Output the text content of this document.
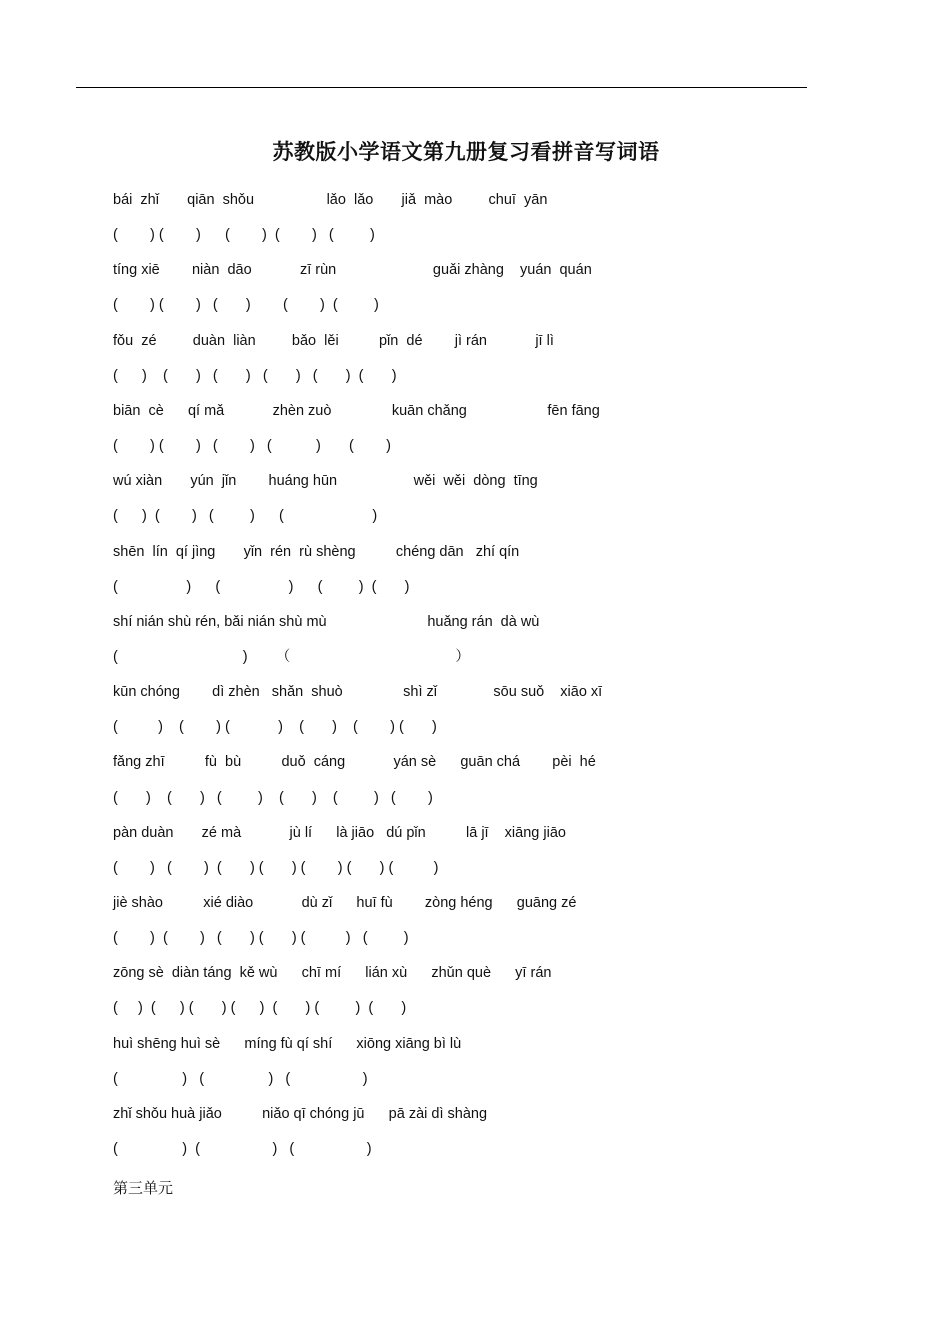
苏教版小学语文第九册复习看拼音写词语
bái  zhǐ       qiān  shǒu                  lǎo  lǎo       jiǎ  mào         chuī  yān
(        ) (        )      (        )  (        )   (         )
tíng xiē        niàn  dāo            zī rùn                        guǎi zhàng    yuán  quán
(        ) (        )   (       )        (        )  (         )
fǒu  zé         duàn  liàn         bǎo  lěi          pǐn  dé        jì rán            jī lì
(      )    (       )   (       )   (       )   (       )  (       )
biān  cè      qí mǎ            zhèn zuò               kuān chǎng                    fēn fāng
(        ) (        )   (        )   (           )       (        )
wú xiàn       yún  jǐn        huáng hūn                   wěi  wěi  dòng  tīng
(      )  (        )   (         )      (                      )
shēn  lín  qí jìng       yǐn  rén  rù shèng          chéng dān   zhí qín
(                 )      (                 )      (         )  (       )
shí nián shù rén, bǎi nián shù mù                         huǎng rán  dà wù
(                               )       （                                         ）
kūn chóng        dì zhèn   shǎn  shuò               shì zǐ              sōu suǒ    xiāo xī
(          )    (        ) (            )    (       )    (        ) (       )
fǎng zhī          fù  bù          duǒ  cáng            yán sè      guān chá        pèi  hé
(       )    (       )   (         )    (       )    (         )   (        )
pàn duàn       zé mà            jù lí      là jiāo   dú pǐn          lā jī    xiāng jiāo
(        )   (        )  (       ) (       ) (        ) (       ) (          )
jiè shào          xié diào            dù zǐ      huī fù        zòng héng      guāng zé
(        )  (        )   (       ) (       ) (          )   (         )
zōng sè  diàn táng  kě wù      chī mí      lián xù      zhǔn què      yī rán
(     )  (      ) (       ) (      )  (       ) (         )  (       )
huì shēng huì sè      míng fù qí shí      xiōng xiāng bì lù
(                )   (                )   (                  )
zhǐ shǒu huà jiǎo          niǎo qī chóng jū      pā zài dì shàng
(                )  (                  )   (                  )
第三单元
